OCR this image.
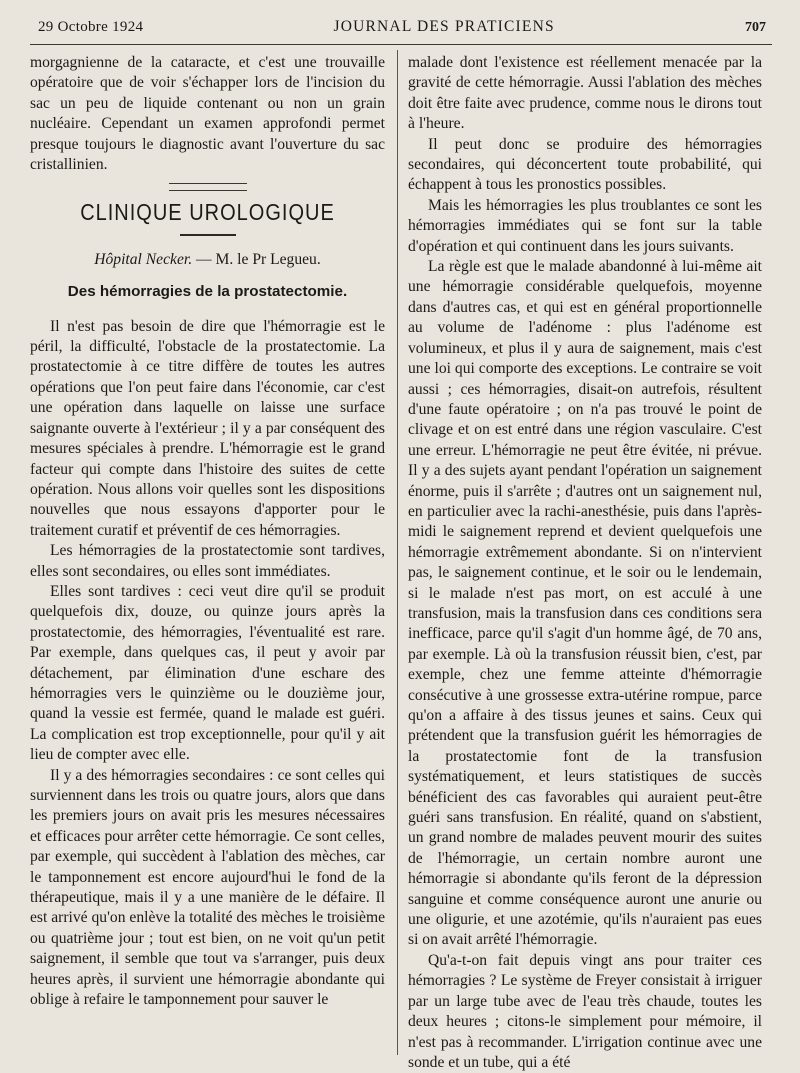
29 Octobre 1924	JOURNAL DES PRATICIENS	707

morgagnienne de la cataracte, et c'est une trouvaille opératoire que de voir s'échapper lors de l'incision du sac un peu de liquide contenant ou non un grain nucléaire. Cependant un examen approfondi permet presque toujours le diagnostic avant l'ouverture du sac cristallinien.

CLINIQUE UROLOGIQUE
Hôpital Necker. — M. le Pr Legueu.
Des hémorragies de la prostatectomie.

Il n'est pas besoin de dire que l'hémorragie est le péril, la difficulté, l'obstacle de la prostatectomie. La prostatectomie à ce titre diffère de toutes les autres opérations que l'on peut faire dans l'économie, car c'est une opération dans laquelle on laisse une surface saignante ouverte à l'extérieur ; il y a par conséquent des mesures spéciales à prendre. L'hémorragie est le grand facteur qui compte dans l'histoire des suites de cette opération. Nous allons voir quelles sont les dispositions nouvelles que nous essayons d'apporter pour le traitement curatif et préventif de ces hémorragies.

Les hémorragies de la prostatectomie sont tardives, elles sont secondaires, ou elles sont immédiates.

Elles sont tardives : ceci veut dire qu'il se produit quelquefois dix, douze, ou quinze jours après la prostatectomie, des hémorragies, l'éventualité est rare. Par exemple, dans quelques cas, il peut y avoir par détachement, par élimination d'une eschare des hémorragies vers le quinzième ou le douzième jour, quand la vessie est fermée, quand le malade est guéri. La complication est trop exceptionnelle, pour qu'il y ait lieu de compter avec elle.

Il y a des hémorragies secondaires : ce sont celles qui surviennent dans les trois ou quatre jours, alors que dans les premiers jours on avait pris les mesures nécessaires et efficaces pour arrêter cette hémorragie. Ce sont celles, par exemple, qui succèdent à l'ablation des mèches, car le tamponnement est encore aujourd'hui le fond de la thérapeutique, mais il y a une manière de le défaire. Il est arrivé qu'on enlève la totalité des mèches le troisième ou quatrième jour ; tout est bien, on ne voit qu'un petit saignement, il semble que tout va s'arranger, puis deux heures après, il survient une hémorragie abondante qui oblige à refaire le tamponnement pour sauver le

malade dont l'existence est réellement menacée par la gravité de cette hémorragie. Aussi l'ablation des mèches doit être faite avec prudence, comme nous le dirons tout à l'heure.

Il peut donc se produire des hémorragies secondaires, qui déconcertent toute probabilité, qui échappent à tous les pronostics possibles.

Mais les hémorragies les plus troublantes ce sont les hémorragies immédiates qui se font sur la table d'opération et qui continuent dans les jours suivants.

La règle est que le malade abandonné à lui-même ait une hémorragie considérable quelquefois, moyenne dans d'autres cas, et qui est en général proportionnelle au volume de l'adénome : plus l'adénome est volumineux, et plus il y aura de saignement, mais c'est une loi qui comporte des exceptions. Le contraire se voit aussi ; ces hémorragies, disait-on autrefois, résultent d'une faute opératoire ; on n'a pas trouvé le point de clivage et on est entré dans une région vasculaire. C'est une erreur. L'hémorragie ne peut être évitée, ni prévue. Il y a des sujets ayant pendant l'opération un saignement énorme, puis il s'arrête ; d'autres ont un saignement nul, en particulier avec la rachi-anesthésie, puis dans l'après-midi le saignement reprend et devient quelquefois une hémorragie extrêmement abondante. Si on n'intervient pas, le saignement continue, et le soir ou le lendemain, si le malade n'est pas mort, on est acculé à une transfusion, mais la transfusion dans ces conditions sera inefficace, parce qu'il s'agit d'un homme âgé, de 70 ans, par exemple. Là où la transfusion réussit bien, c'est, par exemple, chez une femme atteinte d'hémorragie consécutive à une grossesse extra-utérine rompue, parce qu'on a affaire à des tissus jeunes et sains. Ceux qui prétendent que la transfusion guérit les hémorragies de la prostatectomie font de la transfusion systématiquement, et leurs statistiques de succès bénéficient des cas favorables qui auraient peut-être guéri sans transfusion. En réalité, quand on s'abstient, un grand nombre de malades peuvent mourir des suites de l'hémorragie, un certain nombre auront une hémorragie si abondante qu'ils feront de la dépression sanguine et comme conséquence auront une anurie ou une oligurie, et une azotémie, qu'ils n'auraient pas eues si on avait arrêté l'hémorragie.

Qu'a-t-on fait depuis vingt ans pour traiter ces hémorragies ? Le système de Freyer consistait à irriguer par un large tube avec de l'eau très chaude, toutes les deux heures ; citons-le simplement pour mémoire, il n'est pas à recommander. L'irrigation continue avec une sonde et un tube, qui a été
